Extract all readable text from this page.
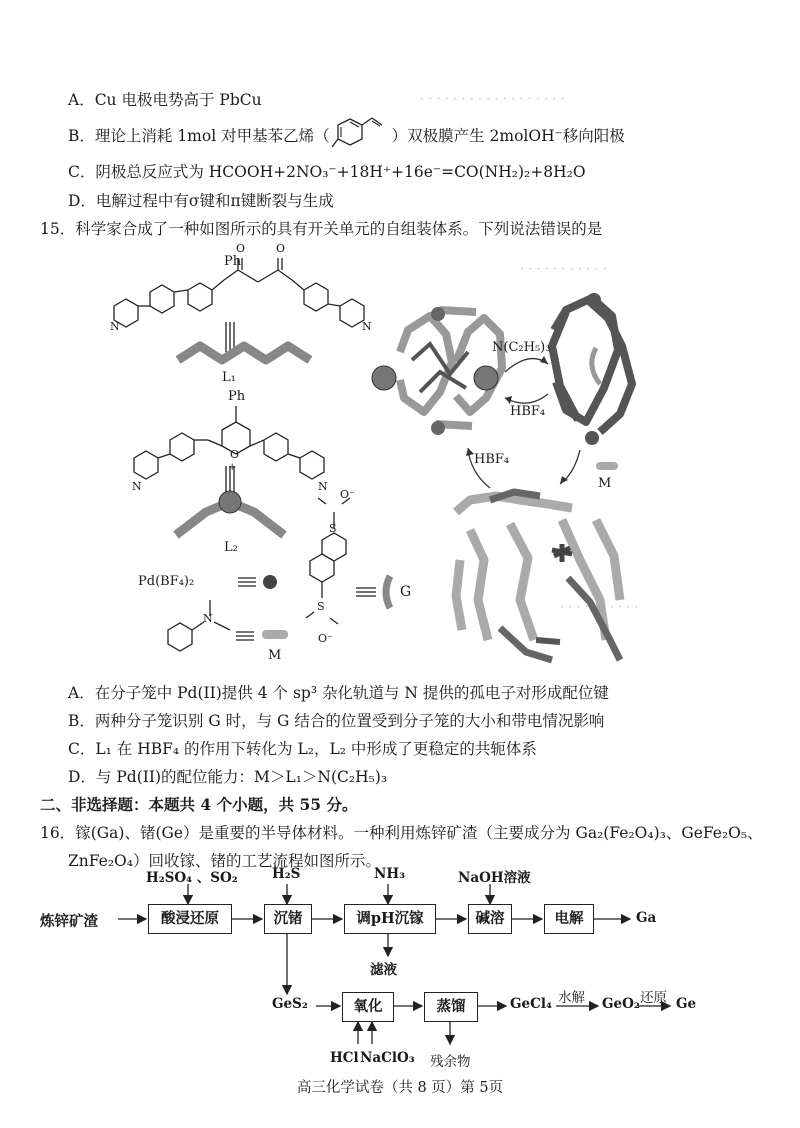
· · · · · · · · · · · · · · · · · ·
· · · · · · · · · · ·
· · · · · · · · · ·
A．Cu 电极电势高于 PbCu
B．理论上消耗 1mol 对甲基苯乙烯（	）双极膜产生 2molOH⁻移向阳极
C．阴极总反应式为 HCOOH+2NO₃⁻+18H⁺+16e⁻=CO(NH₂)₂+8H₂O
D．电解过程中有σ键和π键断裂与生成
15．科学家合成了一种如图所示的具有开关单元的自组装体系。下列说法错误的是
Ph
O	O
N	N
L₁
Ph
O
+
N	N
L₂
Pd(BF₄)₂
S
S
O⁻
O⁻
G
N
M
N(C₂H₅)₃
HBF₄
HBF₄
M
A．在分子笼中 Pd(II)提供 4 个 sp³ 杂化轨道与 N 提供的孤电子对形成配位键
B．两种分子笼识别 G 时，与 G 结合的位置受到分子笼的大小和带电情况影响
C．L₁ 在 HBF₄ 的作用下转化为 L₂，L₂ 中形成了更稳定的共轭体系
D．与 Pd(II)的配位能力：M＞L₁＞N(C₂H₅)₃
二、非选择题：本题共 4 个小题，共 55 分。
16．镓(Ga)、锗(Ge）是重要的半导体材料。一种利用炼锌矿渣（主要成分为 Ga₂(Fe₂O₄)₃、GeFe₂O₅、
ZnFe₂O₄）回收镓、锗的工艺流程如图所示。
炼锌矿渣	酸浸还原	沉锗	调pH沉镓	碱溶	电解	Ga
H₂SO₄ 、SO₂	H₂S	NH₃	NaOH溶液
滤液
GeS₂	氧化	蒸馏	GeCl₄ 水解 GeO₂ 还原 Ge
HCl NaClO₃ 残余物
高三化学试卷（共 8 页）第 5页
